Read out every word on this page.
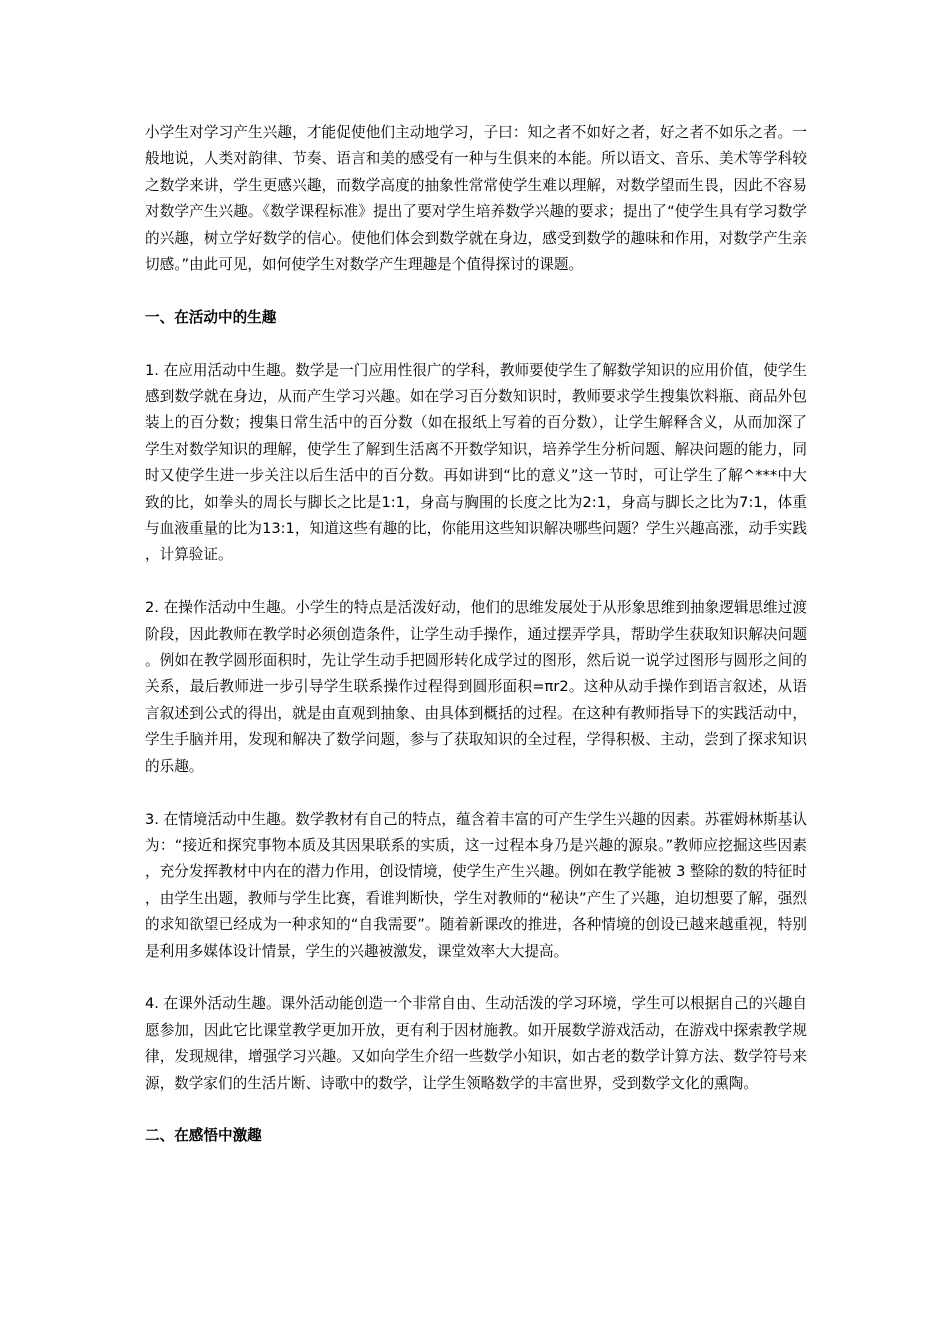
小学生对学习产生兴趣，才能促使他们主动地学习，子曰：知之者不如好之者，好之者不如乐之者。一般地说，人类对韵律、节奏、语言和美的感受有一种与生俱来的本能。所以语文、音乐、美术等学科较之数学来讲，学生更感兴趣，而数学高度的抽象性常常使学生难以理解，对数学望而生畏，因此不容易对数学产生兴趣。《数学课程标准》提出了要对学生培养数学兴趣的要求；提出了“使学生具有学习数学的兴趣，树立学好数学的信心。使他们体会到数学就在身边，感受到数学的趣味和作用，对数学产生亲切感。”由此可见，如何使学生对数学产生理趣是个值得探讨的课题。

一、在活动中的生趣

1. 在应用活动中生趣。数学是一门应用性很广的学科，教师要使学生了解数学知识的应用价值，使学生感到数学就在身边，从而产生学习兴趣。如在学习百分数知识时，教师要求学生搜集饮料瓶、商品外包装上的百分数；搜集日常生活中的百分数（如在报纸上写着的百分数），让学生解释含义，从而加深了学生对数学知识的理解，使学生了解到生活离不开数学知识，培养学生分析问题、解决问题的能力，同时又使学生进一步关注以后生活中的百分数。再如讲到“比的意义”这一节时，可让学生了解^***中大致的比，如拳头的周长与脚长之比是1:1，身高与胸围的长度之比为2:1，身高与脚长之比为7:1，体重与血液重量的比为13:1，知道这些有趣的比，你能用这些知识解决哪些问题？学生兴趣高涨，动手实践，计算验证。

2. 在操作活动中生趣。小学生的特点是活泼好动，他们的思维发展处于从形象思维到抽象逻辑思维过渡阶段，因此教师在教学时必须创造条件，让学生动手操作，通过摆弄学具，帮助学生获取知识解决问题。例如在教学圆形面积时，先让学生动手把圆形转化成学过的图形，然后说一说学过图形与圆形之间的关系，最后教师进一步引导学生联系操作过程得到圆形面积=πr2。这种从动手操作到语言叙述，从语言叙述到公式的得出，就是由直观到抽象、由具体到概括的过程。在这种有教师指导下的实践活动中，学生手脑并用，发现和解决了数学问题，参与了获取知识的全过程，学得积极、主动，尝到了探求知识的乐趣。

3. 在情境活动中生趣。数学教材有自己的特点，蕴含着丰富的可产生学生兴趣的因素。苏霍姆林斯基认为：“接近和探究事物本质及其因果联系的实质，这一过程本身乃是兴趣的源泉。”教师应挖掘这些因素，充分发挥教材中内在的潜力作用，创设情境，使学生产生兴趣。例如在教学能被 3 整除的数的特征时，由学生出题，教师与学生比赛，看谁判断快，学生对教师的“秘诀”产生了兴趣，迫切想要了解，强烈的求知欲望已经成为一种求知的“自我需要”。随着新课改的推进，各种情境的创设已越来越重视，特别是利用多媒体设计情景，学生的兴趣被激发，课堂效率大大提高。

4. 在课外活动生趣。课外活动能创造一个非常自由、生动活泼的学习环境，学生可以根据自己的兴趣自愿参加，因此它比课堂教学更加开放，更有利于因材施教。如开展数学游戏活动，在游戏中探索教学规律，发现规律，增强学习兴趣。又如向学生介绍一些数学小知识，如古老的数学计算方法、数学符号来源，数学家们的生活片断、诗歌中的数学，让学生领略数学的丰富世界，受到数学文化的熏陶。

二、在感悟中激趣
